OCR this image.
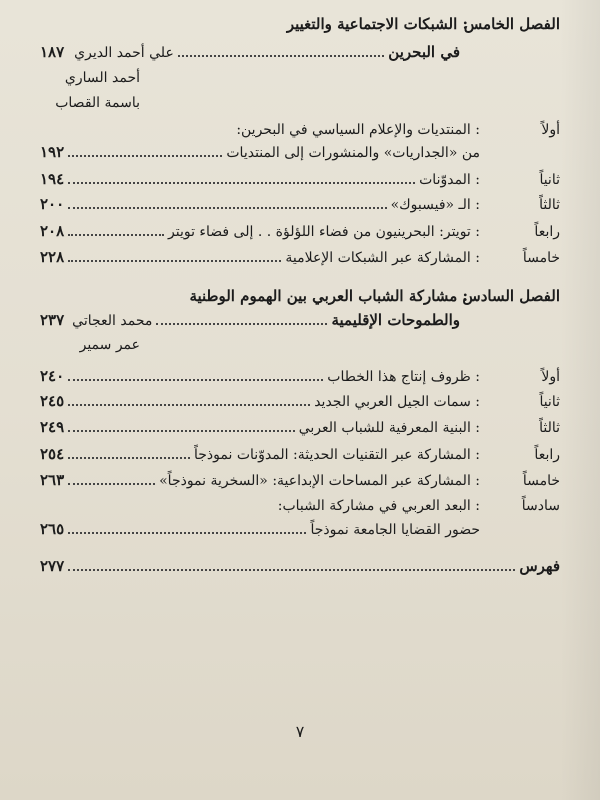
الفصل الخامس
: الشبكات الاجتماعية والتغيير
في البحرين
علي أحمد الديري
١٨٧
أحمد الساري
باسمة القصاب
أولاً
: المنتديات والإعلام السياسي في البحرين:
من «الجداريات» والمنشورات إلى المنتديات
١٩٢
ثانياً
: المدوّنات
١٩٤
ثالثاً
: الـ «فيسبوك»
٢٠٠
رابعاً
: تويتر: البحرينيون من فضاء اللؤلؤة . . إلى فضاء تويتر
٢٠٨
خامساً
: المشاركة عبر الشبكات الإعلامية
٢٢٨
الفصل السادس
: مشاركة الشباب العربي بين الهموم الوطنية
والطموحات الإقليمية
محمد العجاتي
٢٣٧
عمر سمير
أولاً
: ظروف إنتاج هذا الخطاب
٢٤٠
ثانياً
: سمات الجيل العربي الجديد
٢٤٥
ثالثاً
: البنية المعرفية للشباب العربي
٢٤٩
رابعاً
: المشاركة عبر التقنيات الحديثة: المدوّنات نموذجاً
٢٥٤
خامساً
: المشاركة عبر المساحات الإبداعية: «السخرية نموذجاً»
٢٦٣
سادساً
: البعد العربي في مشاركة الشباب:
حضور القضايا الجامعة نموذجاً
٢٦٥
فهرس
٢٧٧
٧
